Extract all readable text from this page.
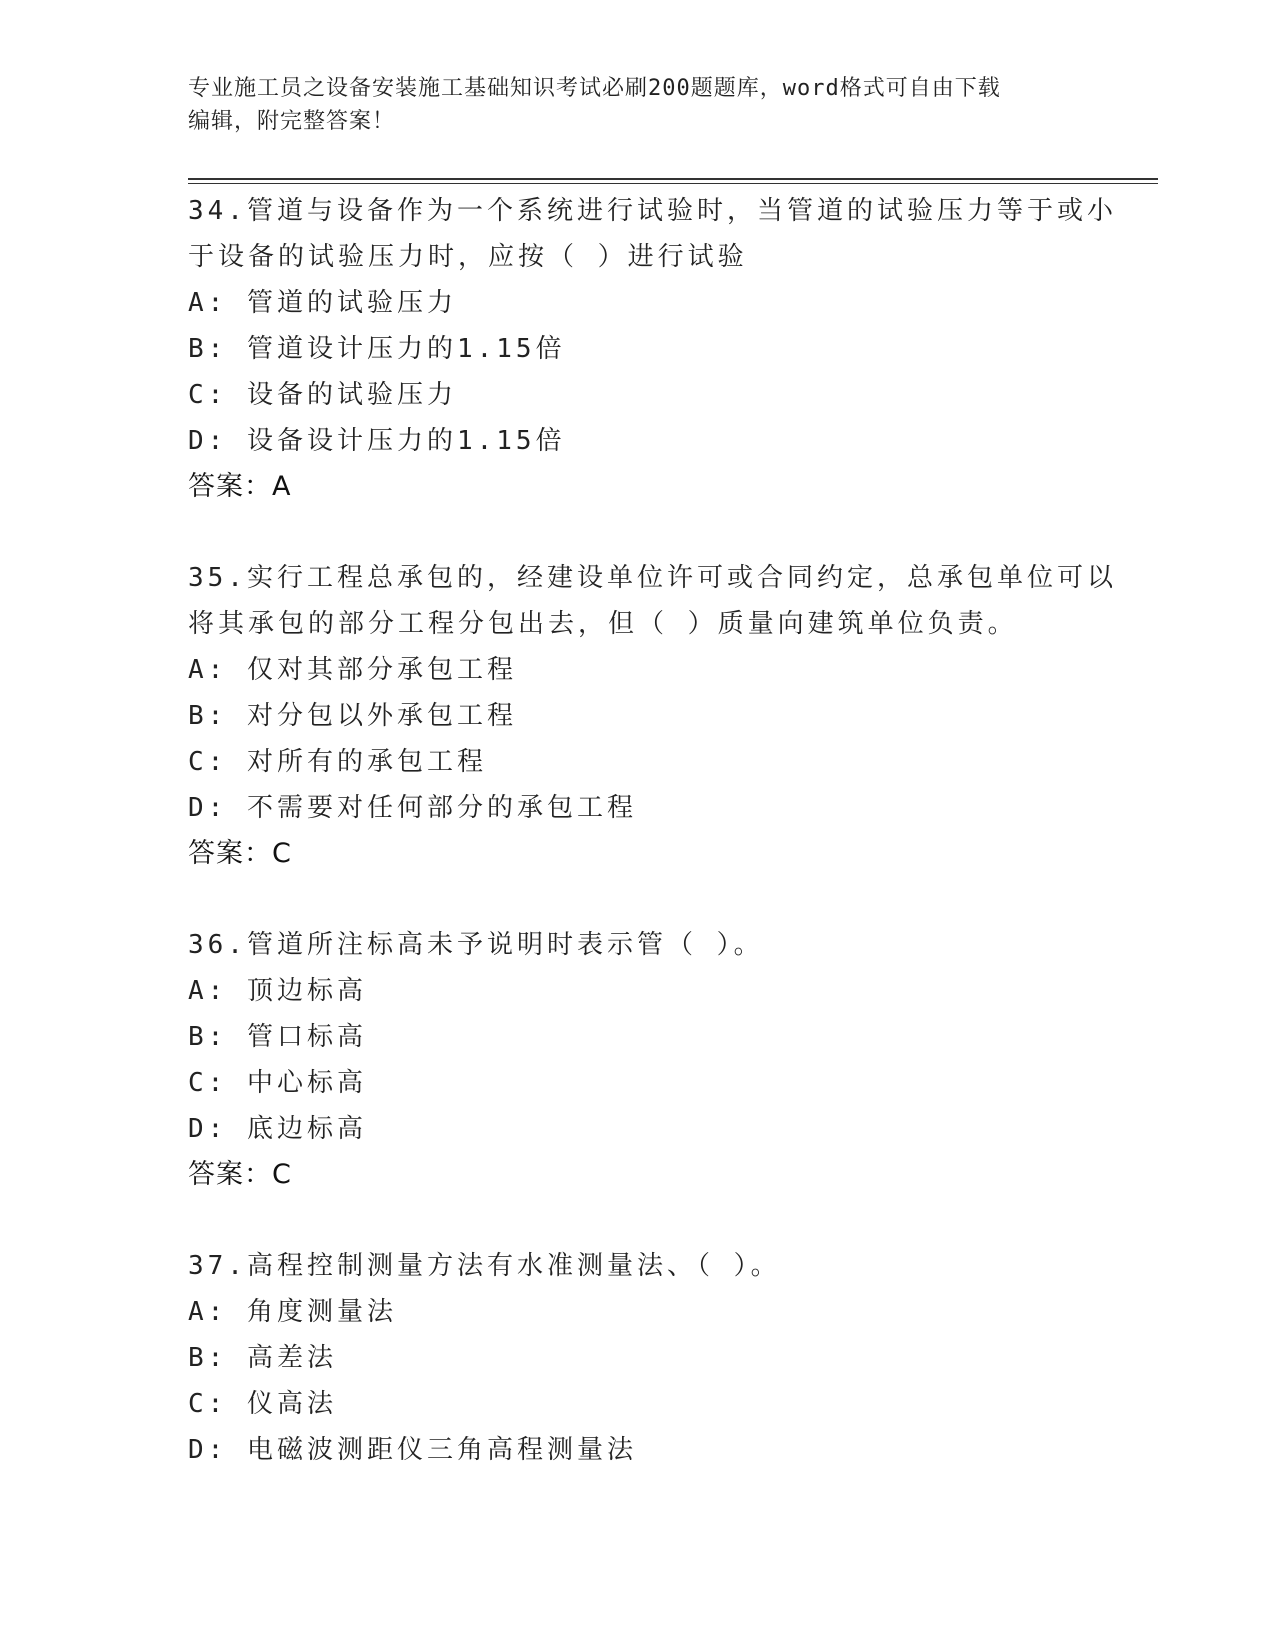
专业施工员之设备安装施工基础知识考试必刷200题题库，word格式可自由下载
编辑，附完整答案！
34.管道与设备作为一个系统进行试验时，当管道的试验压力等于或小
于设备的试验压力时，应按（ ）进行试验
A: 管道的试验压力
B: 管道设计压力的1.15倍
C: 设备的试验压力
D: 设备设计压力的1.15倍
答案：A
35.实行工程总承包的，经建设单位许可或合同约定，总承包单位可以
将其承包的部分工程分包出去，但（ ）质量向建筑单位负责。
A: 仅对其部分承包工程
B: 对分包以外承包工程
C: 对所有的承包工程
D: 不需要对任何部分的承包工程
答案：C
36.管道所注标高未予说明时表示管（ ）。
A: 顶边标高
B: 管口标高
C: 中心标高
D: 底边标高
答案：C
37.高程控制测量方法有水准测量法、（ ）。
A: 角度测量法
B: 高差法
C: 仪高法
D: 电磁波测距仪三角高程测量法
